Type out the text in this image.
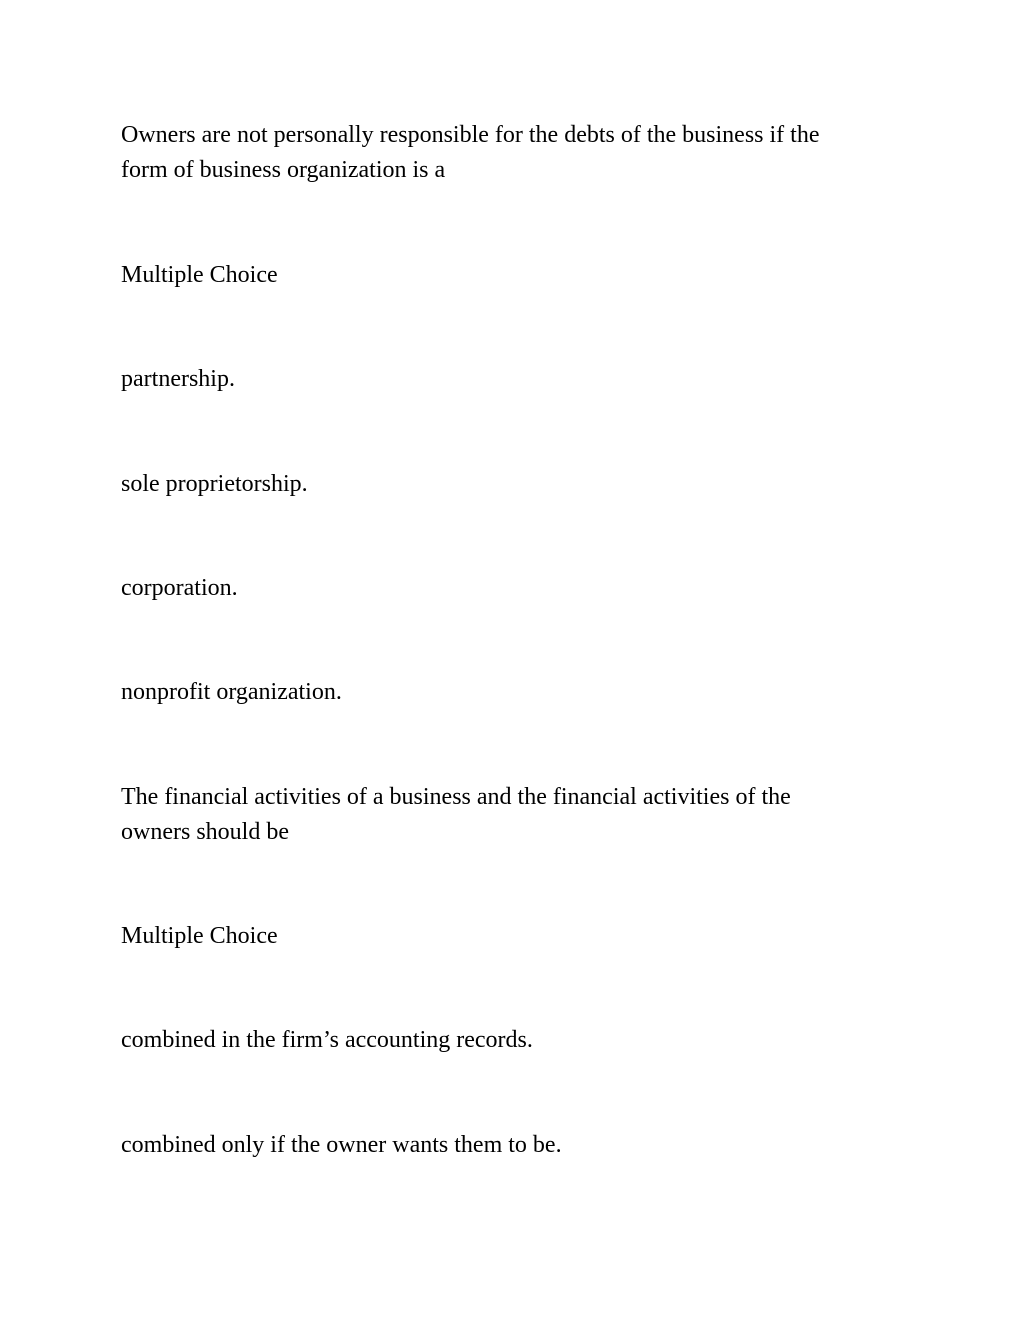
Owners are not personally responsible for the debts of the business if the
form of business organization is a

Multiple Choice

partnership.

sole proprietorship.

corporation.

nonprofit organization.

The financial activities of a business and the financial activities of the
owners should be

Multiple Choice

combined in the firm’s accounting records.

combined only if the owner wants them to be.
